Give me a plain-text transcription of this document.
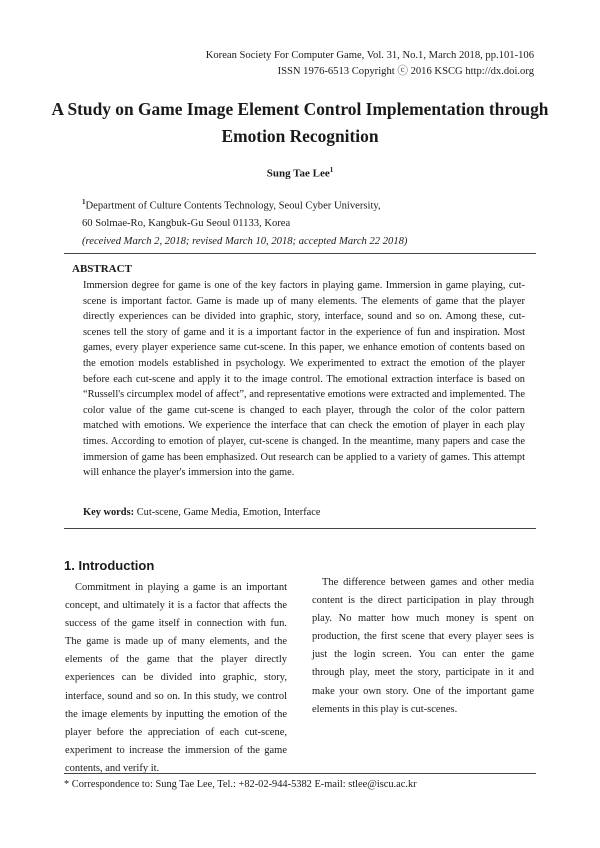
Korean Society For Computer Game, Vol. 31, No.1, March 2018, pp.101-106
ISSN 1976-6513 Copyright ⓒ 2016 KSCG http://dx.doi.org
A Study on Game Image Element Control Implementation through Emotion Recognition
Sung Tae Lee$^1$
$^1$Department of Culture Contents Technology, Seoul Cyber University,
60 Solmae-Ro, Kangbuk-Gu Seoul 01133, Korea
(received March 2, 2018; revised March 10, 2018; accepted March 22 2018)
ABSTRACT
Immersion degree for game is one of the key factors in playing game. Immersion in game playing, cut-scene is important factor. Game is made up of many elements. The elements of game that the player directly experiences can be divided into graphic, story, interface, sound and so on. Among these, cut-scenes tell the story of game and it is a important factor in the experience of fun and inspiration. Most games, every player experience same cut-scene. In this paper, we enhance emotion of contents based on the emotion models established in psychology. We experimented to extract the emotion of the player before each cut-scene and apply it to the image control. The emotional extraction interface is based on “Russell's circumplex model of affect”, and representative emotions were extracted and implemented. The color value of the game cut-scene is changed to each player, through the color of the color pattern matched with emotions. We experience the interface that can check the emotion of player in each play times. According to emotion of player, cut-scene is changed. In the meantime, many papers and case the immersion of game has been emphasized. Out research can be applied to a variety of games. This attempt will enhance the player's immersion into the game.
Key words: Cut-scene, Game Media, Emotion, Interface
1. Introduction
Commitment in playing a game is an important concept, and ultimately it is a factor that affects the success of the game itself in connection with fun. The game is made up of many elements, and the elements of the game that the player directly experiences can be divided into graphic, story, interface, sound and so on. In this study, we control the image elements by inputting the emotion of the player before the appreciation of each cut-scene, experiment to increase the immersion of the game contents, and verify it.
The difference between games and other media content is the direct participation in play through play. No matter how much money is spent on production, the first scene that every player sees is just the login screen. You can enter the game through play, meet the story, participate in it and make your own story. One of the important game elements in this play is cut-scenes.
* Correspondence to: Sung Tae Lee, Tel.: +82-02-944-5382 E-mail: stlee@iscu.ac.kr
